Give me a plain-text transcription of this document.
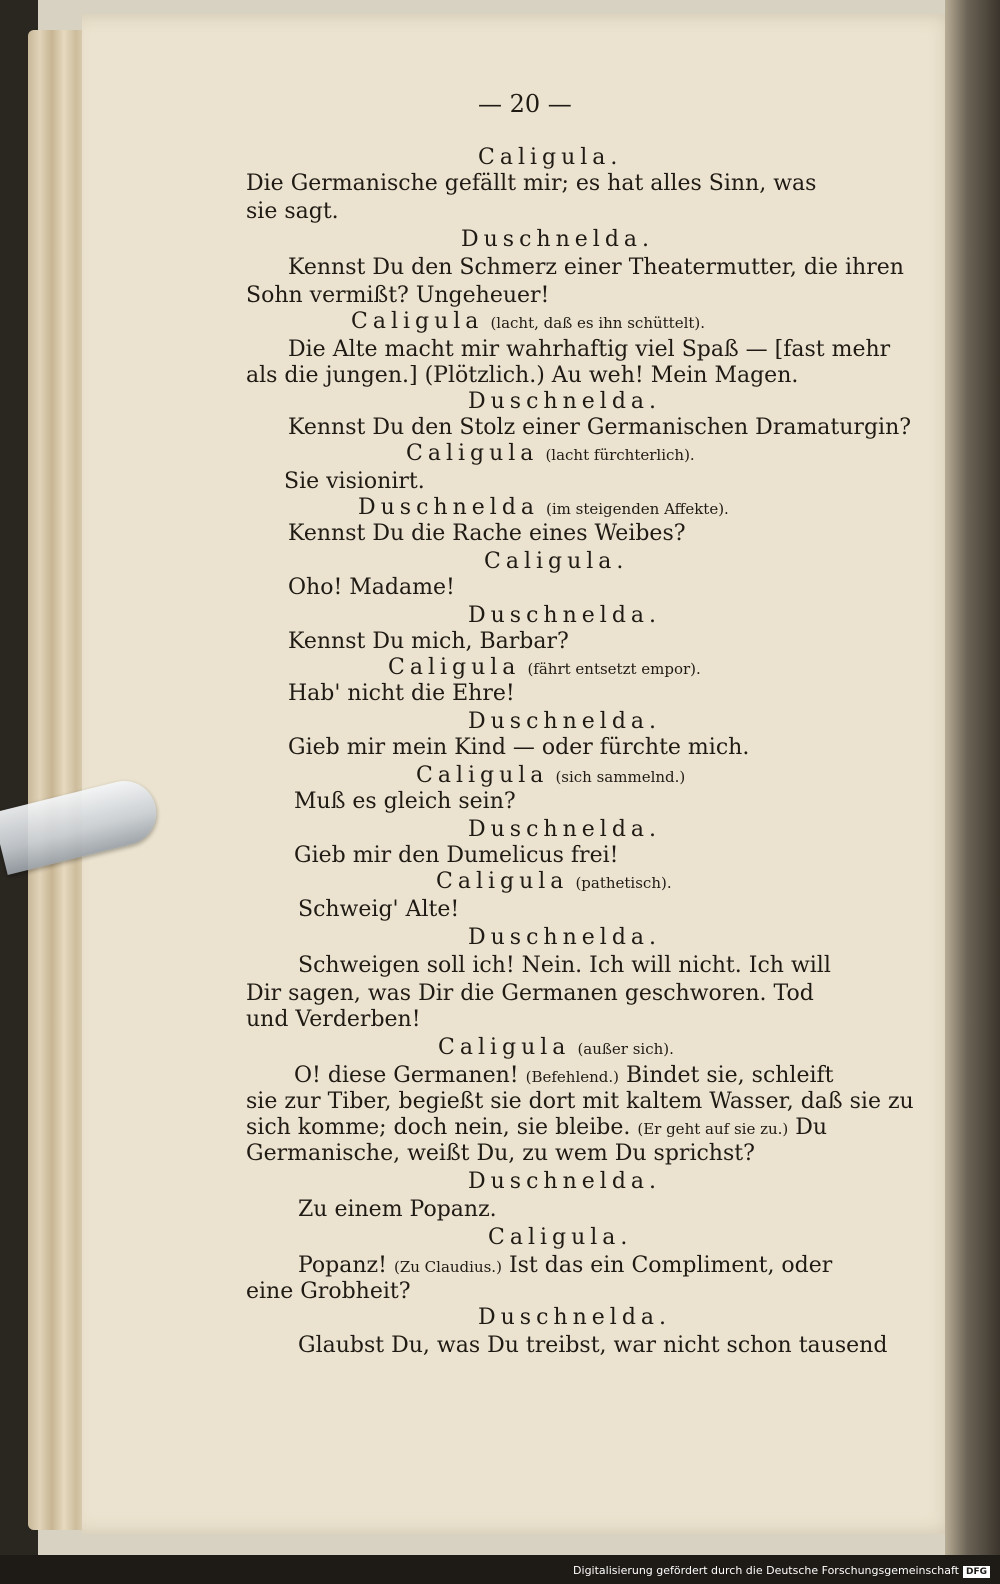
— 20 —
Caligula.
Die Germanische gefällt mir; es hat alles Sinn, was
sie sagt.
Duschnelda.
Kennst Du den Schmerz einer Theatermutter, die ihren
Sohn vermißt? Ungeheuer!
Caligula (lacht, daß es ihn schüttelt).
Die Alte macht mir wahrhaftig viel Spaß — [fast mehr
als die jungen.] (Plötzlich.) Au weh! Mein Magen.
Duschnelda.
Kennst Du den Stolz einer Germanischen Dramaturgin?
Caligula (lacht fürchterlich).
Sie visionirt.
Duschnelda (im steigenden Affekte).
Kennst Du die Rache eines Weibes?
Caligula.
Oho! Madame!
Duschnelda.
Kennst Du mich, Barbar?
Caligula (fährt entsetzt empor).
Hab' nicht die Ehre!
Duschnelda.
Gieb mir mein Kind — oder fürchte mich.
Caligula (sich sammelnd.)
Muß es gleich sein?
Duschnelda.
Gieb mir den Dumelicus frei!
Caligula (pathetisch).
Schweig' Alte!
Duschnelda.
Schweigen soll ich! Nein. Ich will nicht. Ich will
Dir sagen, was Dir die Germanen geschworen. Tod
und Verderben!
Caligula (außer sich).
O! diese Germanen! (Befehlend.) Bindet sie, schleift
sie zur Tiber, begießt sie dort mit kaltem Wasser, daß sie zu
sich komme; doch nein, sie bleibe. (Er geht auf sie zu.) Du
Germanische, weißt Du, zu wem Du sprichst?
Duschnelda.
Zu einem Popanz.
Caligula.
Popanz! (Zu Claudius.) Ist das ein Compliment, oder
eine Grobheit?
Duschnelda.
Glaubst Du, was Du treibst, war nicht schon tausend
Digitalisierung gefördert durch die Deutsche Forschungsgemeinschaft DFG
